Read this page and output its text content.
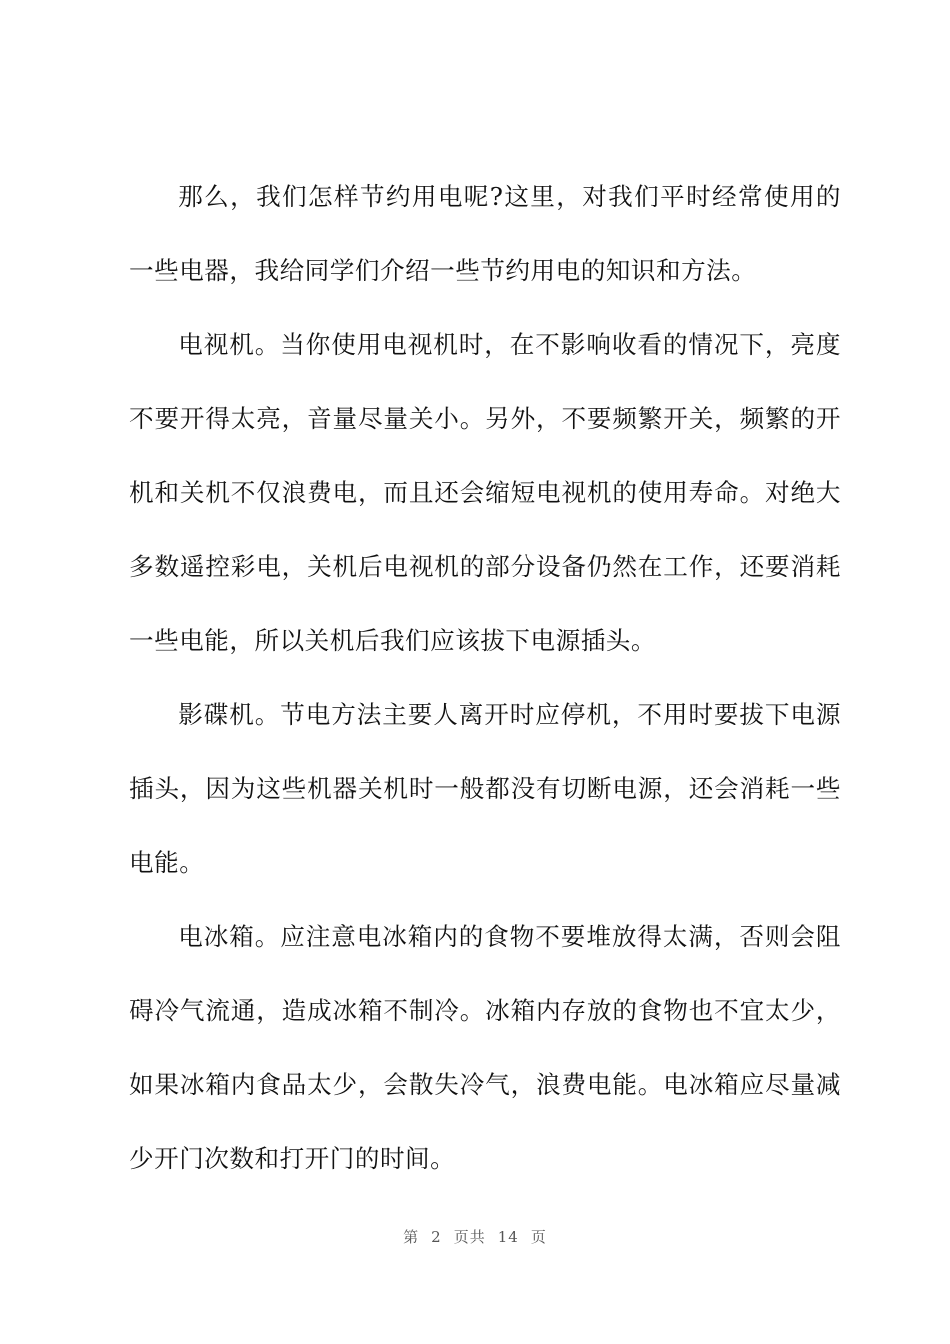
那么，我们怎样节约用电呢?这里，对我们平时经常使用的一些电器，我给同学们介绍一些节约用电的知识和方法。

电视机。当你使用电视机时，在不影响收看的情况下，亮度不要开得太亮，音量尽量关小。另外，不要频繁开关，频繁的开机和关机不仅浪费电，而且还会缩短电视机的使用寿命。对绝大多数遥控彩电，关机后电视机的部分设备仍然在工作，还要消耗一些电能，所以关机后我们应该拔下电源插头。

影碟机。节电方法主要人离开时应停机，不用时要拔下电源插头，因为这些机器关机时一般都没有切断电源，还会消耗一些电能。

电冰箱。应注意电冰箱内的食物不要堆放得太满，否则会阻碍冷气流通，造成冰箱不制冷。冰箱内存放的食物也不宜太少，如果冰箱内食品太少，会散失冷气，浪费电能。电冰箱应尽量减少开门次数和打开门的时间。

第 2 页共 14 页
